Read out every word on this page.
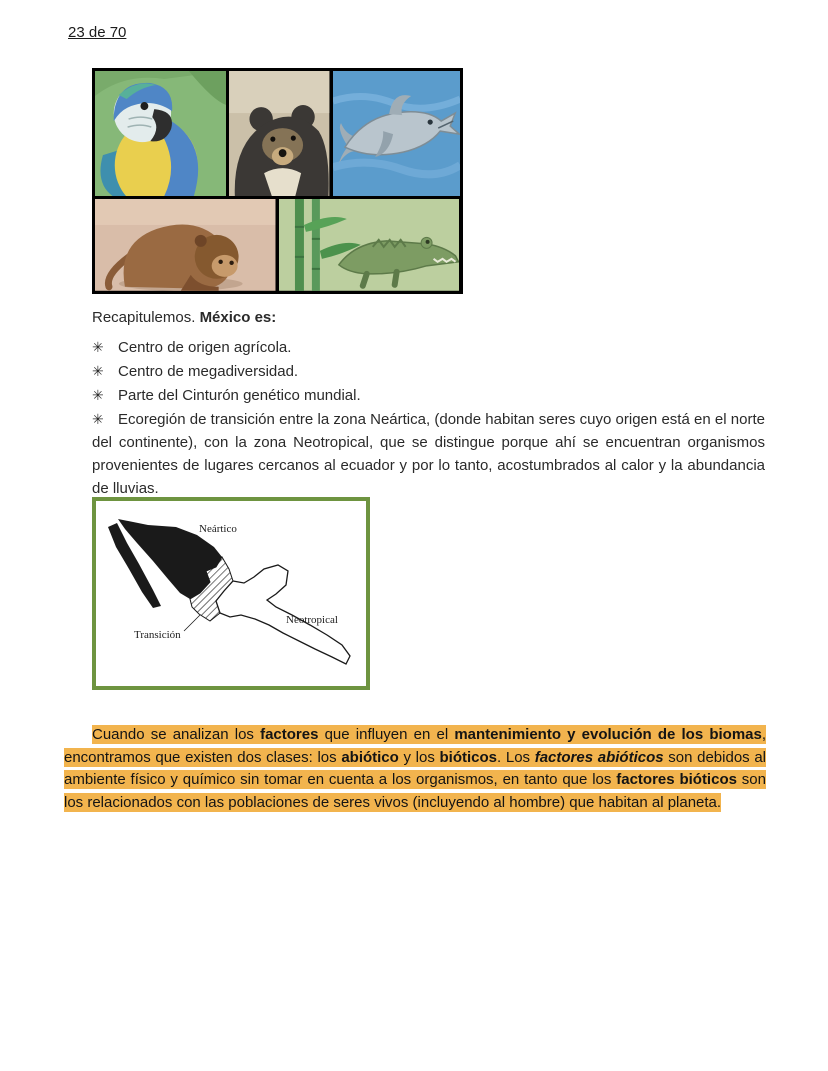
23 de 70

Recapitulemos. México es:

✳ Centro de origen agrícola.
✳ Centro de megadiversidad.
✳ Parte del Cinturón genético mundial.

✳ Ecoregión de transición entre la zona Neártica, (donde habitan seres cuyo origen está en el norte del continente), con la zona Neotropical, que se distingue porque ahí se encuentran organismos provenientes de lugares cercanos al ecuador y por lo tanto, acostumbrados al calor y la abundancia de lluvias.

Neártico
Transición
Neotropical

Cuando se analizan los factores que influyen en el mantenimiento y evolución de los biomas, encontramos que existen dos clases: los abiótico y los bióticos. Los factores abióticos son debidos al ambiente físico y químico sin tomar en cuenta a los organismos, en tanto que los factores bióticos son los relacionados con las poblaciones de seres vivos (incluyendo al hombre) que habitan al planeta.
